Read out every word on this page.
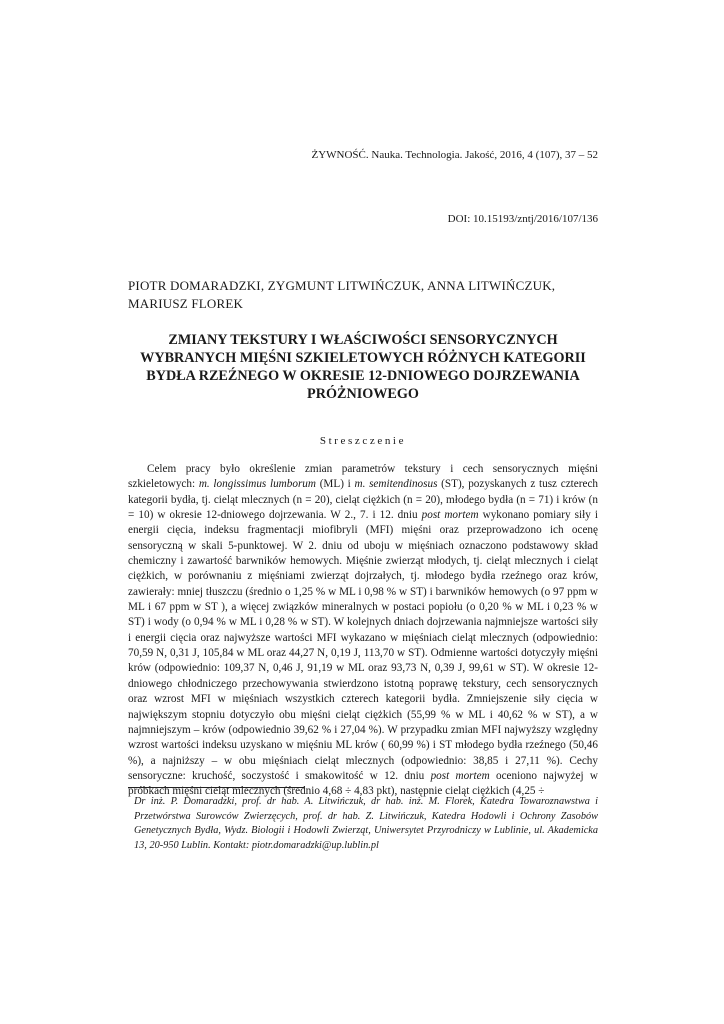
ŻYWNOŚĆ. Nauka. Technologia. Jakość, 2016, 4 (107), 37 – 52
DOI: 10.15193/zntj/2016/107/136
PIOTR DOMARADZKI, ZYGMUNT LITWIŃCZUK, ANNA LITWIŃCZUK,
MARIUSZ FLOREK
ZMIANY TEKSTURY I WŁAŚCIWOŚCI SENSORYCZNYCH
WYBRANYCH MIĘŚNI SZKIELETOWYCH RÓŻNYCH KATEGORII
BYDŁA RZEŹNEGO W OKRESIE 12-DNIOWEGO DOJRZEWANIA
PRÓŻNIOWEGO
Streszczenie
Celem pracy było określenie zmian parametrów tekstury i cech sensorycznych mięśni szkieletowych: m. longissimus lumborum (ML) i m. semitendinosus (ST), pozyskanych z tusz czterech kategorii bydła, tj. cieląt mlecznych (n = 20), cieląt ciężkich (n = 20), młodego bydła (n = 71) i krów (n = 10) w okresie 12-dniowego dojrzewania. W 2., 7. i 12. dniu post mortem wykonano pomiary siły i energii cięcia, indeksu fragmentacji miofibryli (MFI) mięśni oraz przeprowadzono ich ocenę sensoryczną w skali 5-punktowej. W 2. dniu od uboju w mięśniach oznaczono podstawowy skład chemiczny i zawartość barwników hemowych. Mięśnie zwierząt młodych, tj. cieląt mlecznych i cieląt ciężkich, w porównaniu z mięśniami zwierząt dojrzałych, tj. młodego bydła rzeźnego oraz krów, zawierały: mniej tłuszczu (średnio o 1,25 % w ML i 0,98 % w ST) i barwników hemowych (o 97 ppm w ML i 67 ppm w ST ), a więcej związków mineralnych w postaci popiołu (o 0,20 % w ML i 0,23 % w ST) i wody (o 0,94 % w ML i 0,28 % w ST). W kolejnych dniach dojrzewania najmniejsze wartości siły i energii cięcia oraz najwyższe wartości MFI wykazano w mięśniach cieląt mlecznych (odpowiednio: 70,59 N, 0,31 J, 105,84 w ML oraz 44,27 N, 0,19 J, 113,70 w ST). Odmienne wartości dotyczyły mięśni krów (odpowiednio: 109,37 N, 0,46 J, 91,19 w ML oraz 93,73 N, 0,39 J, 99,61 w ST). W okresie 12-dniowego chłodniczego przechowywania stwierdzono istotną poprawę tekstury, cech sensorycznych oraz wzrost MFI w mięśniach wszystkich czterech kategorii bydła. Zmniejszenie siły cięcia w największym stopniu dotyczyło obu mięśni cieląt ciężkich (55,99 % w ML i 40,62 % w ST), a w najmniejszym – krów (odpowiednio 39,62 % i 27,04 %). W przypadku zmian MFI najwyższy względny wzrost wartości indeksu uzyskano w mięśniu ML krów ( 60,99 %) i ST młodego bydła rzeźnego (50,46 %), a najniższy – w obu mięśniach cieląt mlecznych (odpowiednio: 38,85 i 27,11 %). Cechy sensoryczne: kruchość, soczystość i smakowitość w 12. dniu post mortem oceniono najwyżej w próbkach mięśni cieląt mlecznych (średnio 4,68 ÷ 4,83 pkt), następnie cieląt ciężkich (4,25 ÷
Dr inż. P. Domaradzki, prof. dr hab. A. Litwińczuk, dr hab. inż. M. Florek, Katedra Towaroznawstwa i Przetwórstwa Surowców Zwierzęcych, prof. dr hab. Z. Litwińczuk, Katedra Hodowli i Ochrony Zasobów Genetycznych Bydła, Wydz. Biologii i Hodowli Zwierząt, Uniwersytet Przyrodniczy w Lublinie, ul. Akademicka 13, 20-950 Lublin. Kontakt: piotr.domaradzki@up.lublin.pl
